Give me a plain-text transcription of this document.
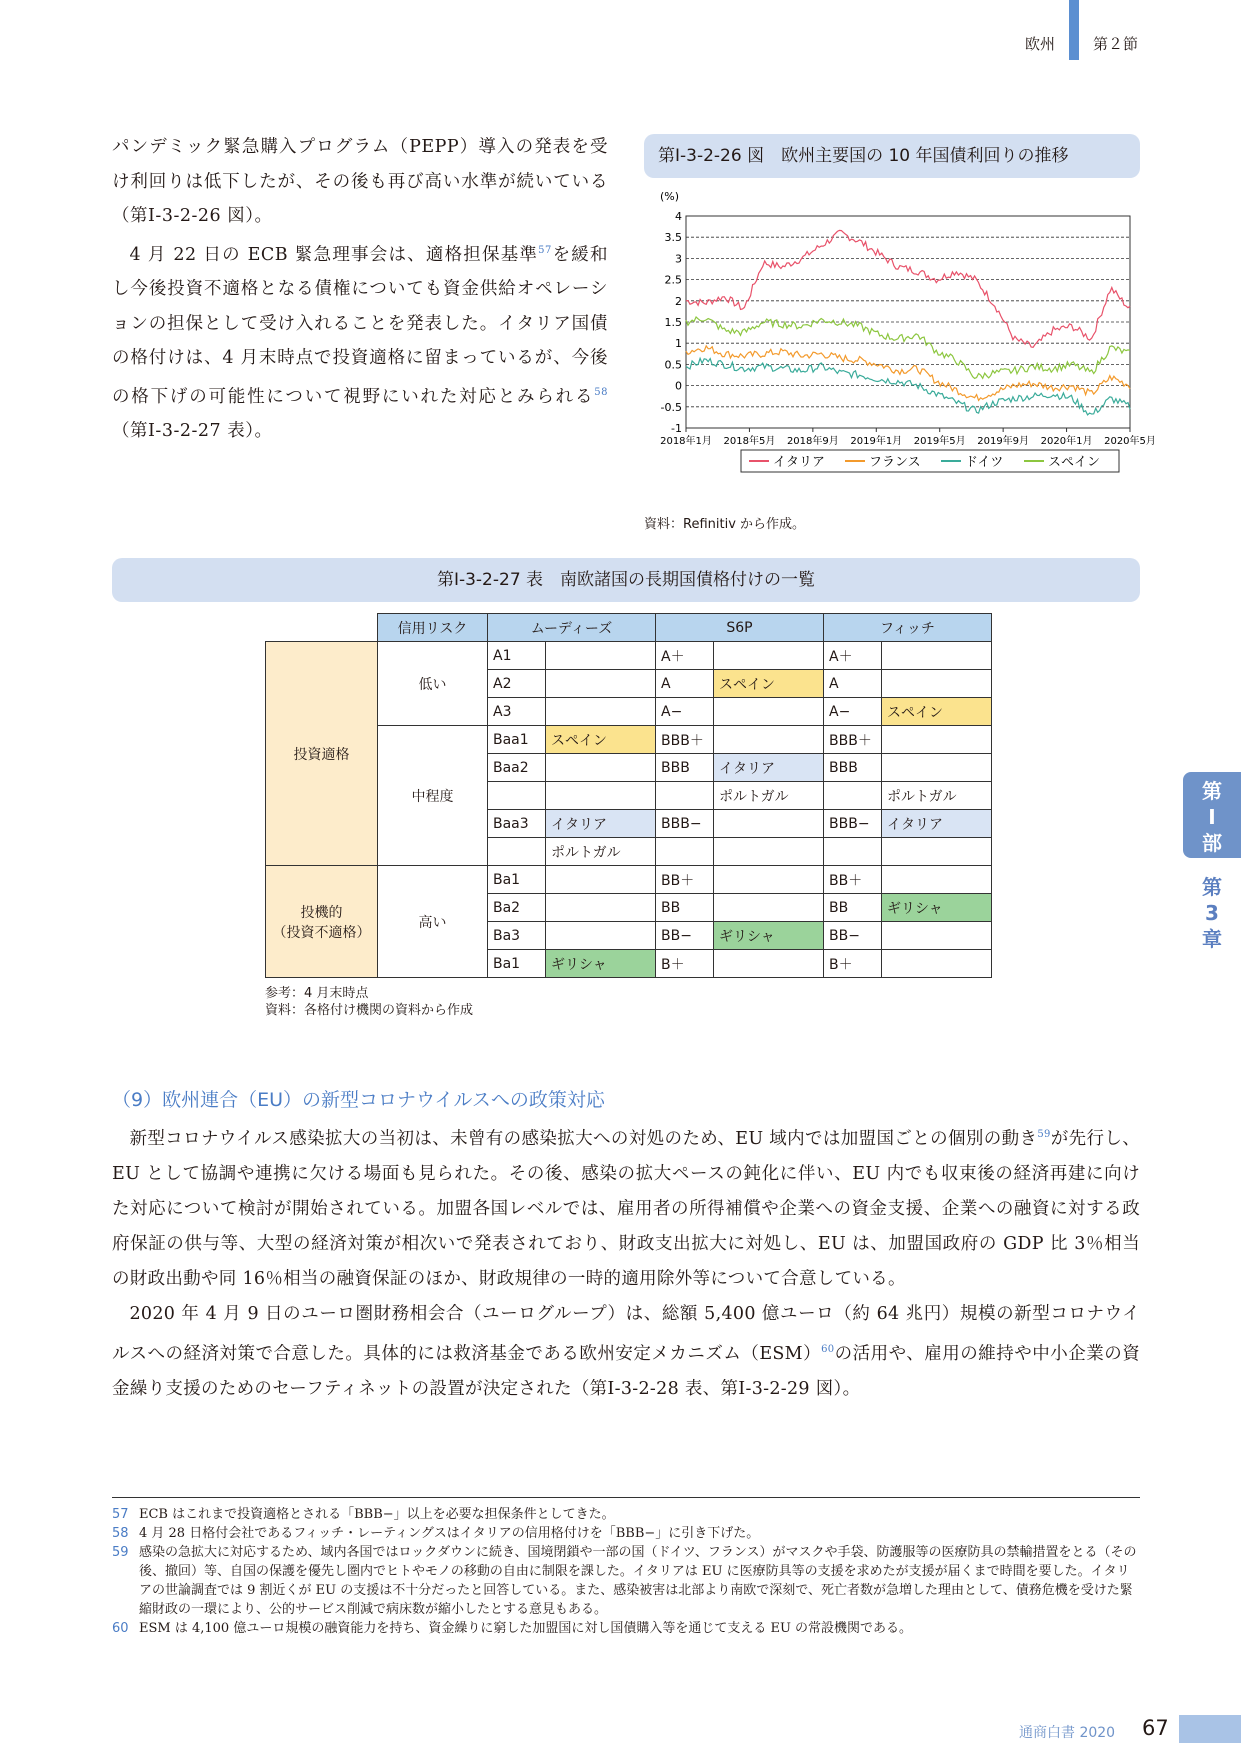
欧州	第２節
第
Ⅰ
部
第
3
章

パンデミック緊急購入プログラム（PEPP）導入の発表を受け利回りは低下したが、その後も再び高い水準が続いている（第Ⅰ-3-2-26 図）。

4 月 22 日の ECB 緊急理事会は、適格担保基準$^{57}$を緩和し今後投資不適格となる債権についても資金供給オペレーションの担保として受け入れることを発表した。イタリア国債の格付けは、4 月末時点で投資適格に留まっているが、今後の格下げの可能性について視野にいれた対応とみられる$^{58}$（第Ⅰ-3-2-27 表）。

第Ⅰ-3-2-26 図　欧州主要国の 10 年国債利回りの推移
4
3.5
3
2.5
2
1.5
1
0.5
0
-0.5
-1
(%)
2018年1月 2018年5月 2018年9月 2019年1月 2019年5月 2019年9月 2020年1月 2020年5月
イタリア	フランス	ドイツ	スペイン
資料：Refinitiv から作成。
第Ⅰ-3-2-27 表　南欧諸国の長期国債格付けの一覧
	信用リスク	ムーディーズ		S6P		フィッチ	
投資適格	低い	A1		A＋		A＋	
		A2		A	スペイン	A	
		A3		A−		A−	スペイン
	中程度	Baa1	スペイン	BBB＋		BBB＋	
		Baa2		BBB	イタリア	BBB	
					ポルトガル		ポルトガル
		Baa3	イタリア	BBB−		BBB−	イタリア
			ポルトガル				
投機的
（投資不適格）	高い	Ba1		BB＋		BB＋	
		Ba2		BB		BB	ギリシャ
		Ba3		BB−	ギリシャ	BB−	
		Ba1	ギリシャ	B＋		B＋	
参考：4 月末時点
資料：各格付け機関の資料から作成
（9）欧州連合（EU）の新型コロナウイルスへの政策対応

新型コロナウイルス感染拡大の当初は、未曾有の感染拡大への対処のため、EU 域内では加盟国ごとの個別の動き$^{59}$が先行し、EU として協調や連携に欠ける場面も見られた。その後、感染の拡大ペースの鈍化に伴い、EU 内でも収束後の経済再建に向けた対応について検討が開始されている。加盟各国レベルでは、雇用者の所得補償や企業への資金支援、企業への融資に対する政府保証の供与等、大型の経済対策が相次いで発表されており、財政支出拡大に対処し、EU は、加盟国政府の GDP 比 3％相当の財政出動や同 16％相当の融資保証のほか、財政規律の一時的適用除外等について合意している。

2020 年 4 月 9 日のユーロ圏財務相会合（ユーログループ）は、総額 5,400 億ユーロ（約 64 兆円）規模の新型コロナウイルスへの経済対策で合意した。具体的には救済基金である欧州安定メカニズム（ESM）$^{60}$の活用や、雇用の維持や中小企業の資金繰り支援のためのセーフティネットの設置が決定された（第Ⅰ-3-2-28 表、第Ⅰ-3-2-29 図）。

57 ECB はこれまで投資適格とされる「BBB−」以上を必要な担保条件としてきた。
58 4 月 28 日格付会社であるフィッチ・レーティングスはイタリアの信用格付けを「BBB−」に引き下げた。
59 感染の急拡大に対応するため、域内各国ではロックダウンに続き、国境閉鎖や一部の国（ドイツ、フランス）がマスクや手袋、防護服等の医療防具の禁輸措置をとる（その後、撤回）等、自国の保護を優先し圏内でヒトやモノの移動の自由に制限を課した。イタリアは EU に医療防具等の支援を求めたが支援が届くまで時間を要した。イタリアの世論調査では 9 割近くが EU の支援は不十分だったと回答している。また、感染被害は北部より南欧で深刻で、死亡者数が急増した理由として、債務危機を受けた緊縮財政の一環により、公的サービス削減で病床数が縮小したとする意見もある。
60 ESM は 4,100 億ユーロ規模の融資能力を持ち、資金繰りに窮した加盟国に対し国債購入等を通じて支える EU の常設機関である。
通商白書 2020 67
